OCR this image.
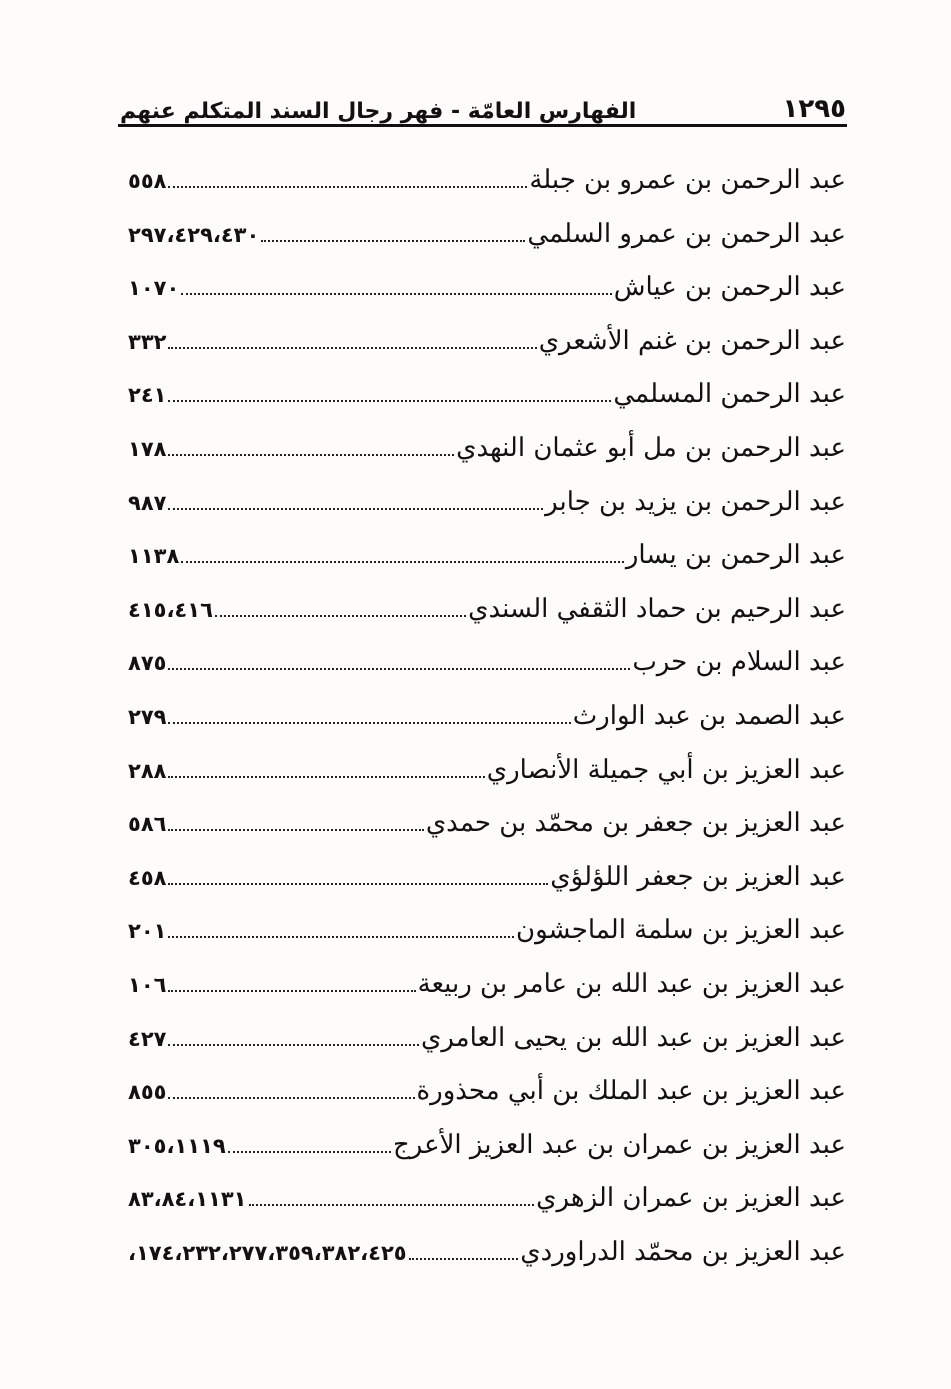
١٢٩٥
الفهارس العامّة - فهر رجال السند المتكلم عنهم
عبد الرحمن بن عمرو بن جبلة
٥٥٨
عبد الرحمن بن عمرو السلمي
٢٩٧،٤٢٩،٤٣٠
عبد الرحمن بن عياش
١٠٧٠
عبد الرحمن بن غنم الأشعري
٣٣٢
عبد الرحمن المسلمي
٢٤١
عبد الرحمن بن مل أبو عثمان النهدي
١٧٨
عبد الرحمن بن يزيد بن جابر
٩٨٧
عبد الرحمن بن يسار
١١٣٨
عبد الرحيم بن حماد الثقفي السندي
٤١٥،٤١٦
عبد السلام بن حرب
٨٧٥
عبد الصمد بن عبد الوارث
٢٧٩
عبد العزيز بن أبي جميلة الأنصاري
٢٨٨
عبد العزيز بن جعفر بن محمّد بن حمدي
٥٨٦
عبد العزيز بن جعفر اللؤلؤي
٤٥٨
عبد العزيز بن سلمة الماجشون
٢٠١
عبد العزيز بن عبد الله بن عامر بن ربيعة
١٠٦
عبد العزيز بن عبد الله بن يحيى العامري
٤٢٧
عبد العزيز بن عبد الملك بن أبي محذورة
٨٥٥
عبد العزيز بن عمران بن عبد العزيز الأعرج
٣٠٥،١١١٩
عبد العزيز بن عمران الزهري
٨٣،٨٤،١١٣١
عبد العزيز بن محمّد الدراوردي
١٧٤،٢٣٢،٢٧٧،٣٥٩،٣٨٢،٤٢٥،
